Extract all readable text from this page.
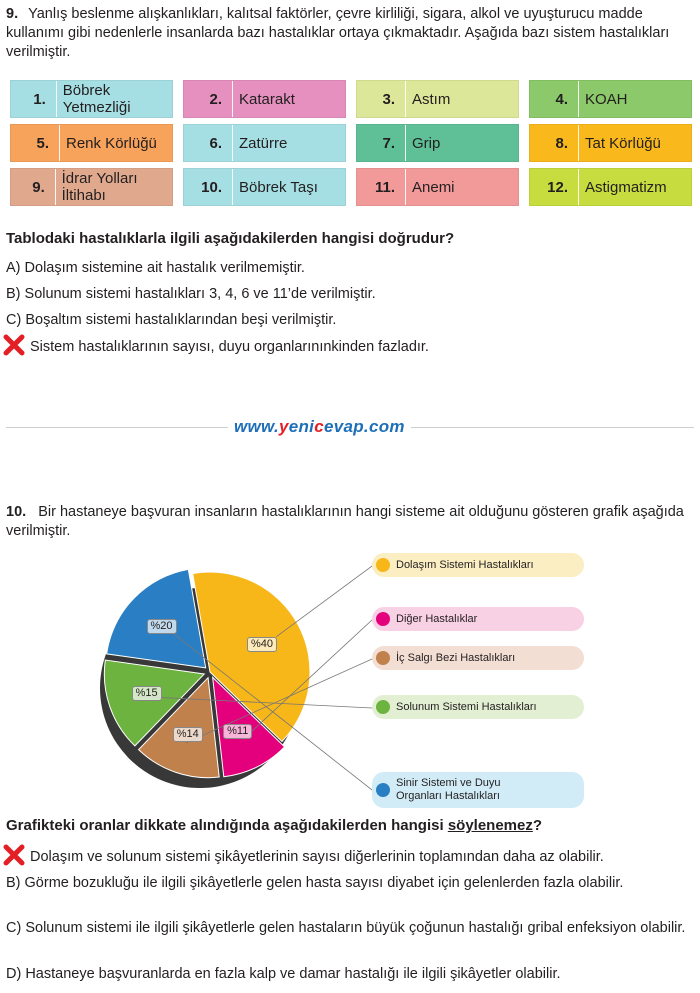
9. Yanlış beslenme alışkanlıkları, kalıtsal faktörler, çevre kirliliği, sigara, alkol ve uyuşturucu madde kullanımı gibi nedenlerle insanlarda bazı hastalıklar ortaya çıkmaktadır. Aşağıda bazı sistem hastalıkları verilmiştir.
1. Böbrek Yetmezliği	2. Katarakt	3. Astım	4. KOAH
5. Renk Körlüğü	6. Zatürre	7. Grip	8. Tat Körlüğü
9. İdrar Yolları İltihabı	10. Böbrek Taşı	11. Anemi	12. Astigmatizm
Tablodaki hastalıklarla ilgili aşağıdakilerden hangisi doğrudur?
A) Dolaşım sistemine ait hastalık verilmemiştir.
B) Solunum sistemi hastalıkları 3, 4, 6 ve 11’de verilmiştir.
C) Boşaltım sistemi hastalıklarından beşi verilmiştir.
Sistem hastalıklarının sayısı, duyu organlarınınkinden fazladır.
www.yenicevap.com
10. Bir hastaneye başvuran insanların hastalıklarının hangi sisteme ait olduğunu gösteren grafik aşağıda verilmiştir.
%40
%11
%14
%15
%20
Dolaşım Sistemi Hastalıkları
Diğer Hastalıklar
İç Salgı Bezi Hastalıkları
Solunum Sistemi Hastalıkları
Sinir Sistemi ve Duyu Organları Hastalıkları
Grafikteki oranlar dikkate alındığında aşağıdakilerden hangisi söylenemez?
Dolaşım ve solunum sistemi şikâyetlerinin sayısı diğerlerinin toplamından daha az olabilir.
B) Görme bozukluğu ile ilgili şikâyetlerle gelen hasta sayısı diyabet için gelenlerden fazla olabilir.
C) Solunum sistemi ile ilgili şikâyetlerle gelen hastaların büyük çoğunun hastalığı gribal enfeksiyon olabilir.
D) Hastaneye başvuranlarda en fazla kalp ve damar hastalığı ile ilgili şikâyetler olabilir.
